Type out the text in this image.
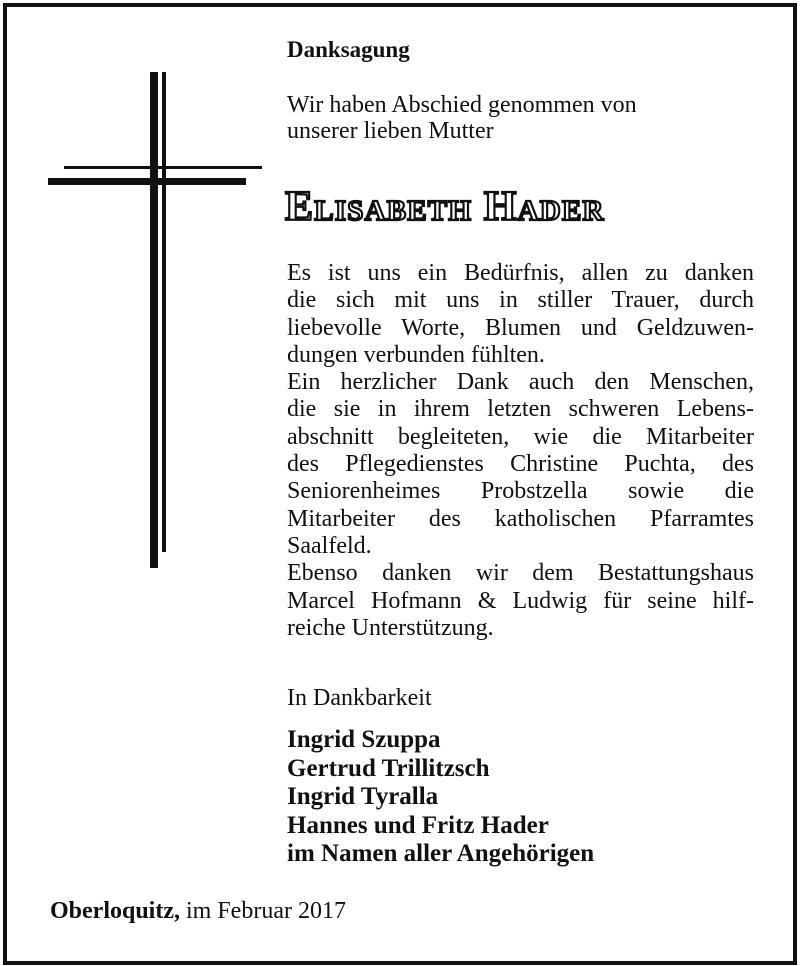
Danksagung
Wir haben Abschied genommen von
unserer lieben Mutter
Elisabeth Hader
Es ist uns ein Bedürfnis, allen zu danken
die sich mit uns in stiller Trauer, durch
liebevolle Worte, Blumen und Geldzuwen-
dungen verbunden fühlten.
Ein herzlicher Dank auch den Menschen,
die sie in ihrem letzten schweren Lebens-
abschnitt begleiteten, wie die Mitarbeiter
des Pflegedienstes Christine Puchta, des
Seniorenheimes Probstzella sowie die
Mitarbeiter des katholischen Pfarramtes
Saalfeld.
Ebenso danken wir dem Bestattungshaus
Marcel Hofmann & Ludwig für seine hilf-
reiche Unterstützung.
In Dankbarkeit
Ingrid Szuppa
Gertrud Trillitzsch
Ingrid Tyralla
Hannes und Fritz Hader
im Namen aller Angehörigen
Oberloquitz, im Februar 2017
